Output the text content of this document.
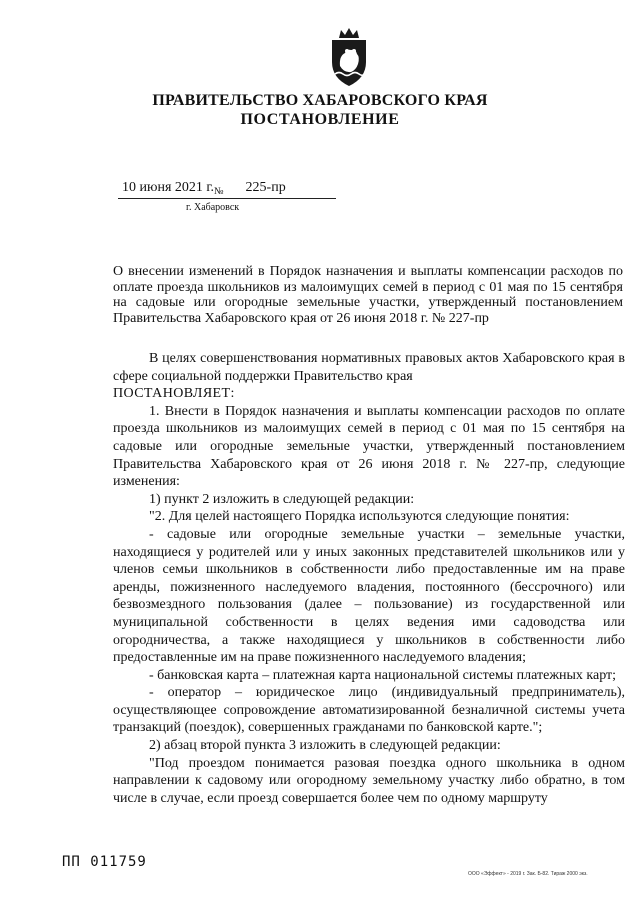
ПРАВИТЕЛЬСТВО ХАБАРОВСКОГО КРАЯ
ПОСТАНОВЛЕНИЕ
10 июня 2021 $г._№$ 225-пр
г. Хабаровск
О внесении изменений в Порядок назначения и выплаты компенсации расходов по оплате проезда школьников из малоимущих семей в период с 01 мая по 15 сентября на садовые или огородные земельные участки, утвержденный постановлением Правительства Хабаровского края от 26 июня 2018 г. № 227-пр

В целях совершенствования нормативных правовых актов Хабаровского края в сфере социальной поддержки Правительство края

ПОСТАНОВЛЯЕТ:

1. Внести в Порядок назначения и выплаты компенсации расходов по оплате проезда школьников из малоимущих семей в период с 01 мая по 15 сентября на садовые или огородные земельные участки, утвержденный постановлением Правительства Хабаровского края от 26 июня 2018 г. № 227-пр, следующие изменения:

1) пункт 2 изложить в следующей редакции:

"2. Для целей настоящего Порядка используются следующие понятия:

- садовые или огородные земельные участки – земельные участки, находящиеся у родителей или у иных законных представителей школьников или у членов семьи школьников в собственности либо предоставленные им на праве аренды, пожизненного наследуемого владения, постоянного (бессрочного) или безвозмездного пользования (далее – пользование) из государственной или муниципальной собственности в целях ведения ими садоводства или огородничества, а также находящиеся у школьников в собственности либо предоставленные им на праве пожизненного наследуемого владения;

- банковская карта – платежная карта национальной системы платежных карт;

- оператор – юридическое лицо (индивидуальный предприниматель), осуществляющее сопровождение автоматизированной безналичной системы учета транзакций (поездок), совершенных гражданами по банковской карте.";

2) абзац второй пункта 3 изложить в следующей редакции:

"Под проездом понимается разовая поездка одного школьника в одном направлении к садовому или огородному земельному участку либо обратно, в том числе в случае, если проезд совершается более чем по одному маршруту

ПП 011759
ООО «Эффект» - 2019 г. Зак. Б-82. Тираж 2000 экз.
